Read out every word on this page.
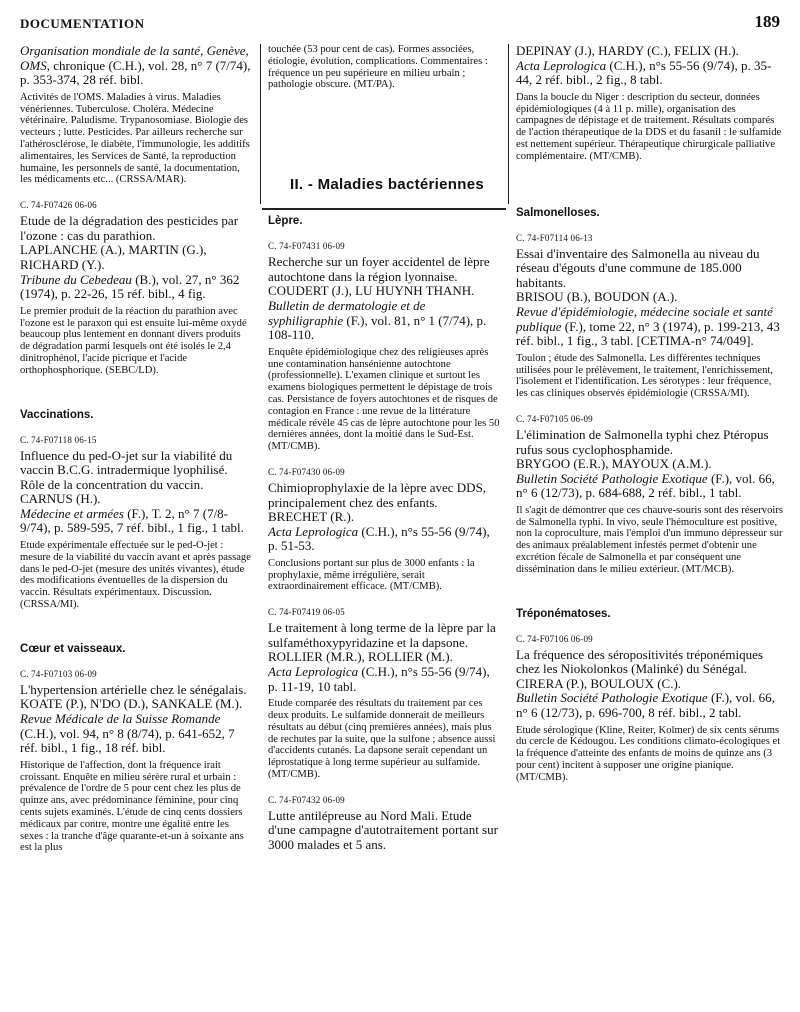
DOCUMENTATION	189
II. - Maladies bactériennes

Organisation mondiale de la santé, Genève, OMS, chronique (C.H.), vol. 28, n° 7 (7/74), p. 353-374, 28 réf. bibl.

Activités de l'OMS. Maladies à virus. Maladies vénériennes. Tuberculose. Choléra. Médecine vétérinaire. Paludisme. Trypanosomiase. Biologie des vecteurs ; lutte. Pesticides. Par ailleurs recherche sur l'athérosclérose, le diabète, l'immunologie, les additifs alimentaires, les Services de Santé, la reproduction humaine, les personnels de santé, la documentation, les médicaments etc... (CRSSA/MAR).

C. 74-F07426 06-06

Etude de la dégradation des pesticides par l'ozone : cas du parathion.

LAPLANCHE (A.), MARTIN (G.), RICHARD (Y.).

Tribune du Cebedeau (B.), vol. 27, n° 362 (1974), p. 22-26, 15 réf. bibl., 4 fig.

Le premier produit de la réaction du parathion avec l'ozone est le paraxon qui est ensuite lui-même oxydé beaucoup plus lentement en donnant divers produits de dégradation parmi lesquels ont été isolés le 2,4 dinitrophénol, l'acide picrique et l'acide orthophosphorique. (SEBC/LD).

Vaccinations.

C. 74-F07118 06-15

Influence du ped-O-jet sur la viabilité du vaccin B.C.G. intradermique lyophilisé. Rôle de la concentration du vaccin.

CARNUS (H.).

Médecine et armées (F.), T. 2, n° 7 (7/8-9/74), p. 589-595, 7 réf. bibl., 1 fig., 1 tabl.

Etude expérimentale effectuée sur le ped-O-jet : mesure de la viabilité du vaccin avant et après passage dans le ped-O-jet (mesure des unités vivantes), étude des modifications éventuelles de la dispersion du vaccin. Résultats expérimentaux. Discussion. (CRSSA/MI).

Cœur et vaisseaux.

C. 74-F07103 06-09

L'hypertension artérielle chez le sénégalais.

KOATE (P.), N'DO (D.), SANKALE (M.).

Revue Médicale de la Suisse Romande (C.H.), vol. 94, n° 8 (8/74), p. 641-652, 7 réf. bibl., 1 fig., 18 réf. bibl.

Historique de l'affection, dont la fréquence irait croissant. Enquête en milieu sérère rural et urbain : prévalence de l'ordre de 5 pour cent chez les plus de quinze ans, avec prédominance féminine, pour cinq cents sujets examinés. L'étude de cinq cents dossiers médicaux par contre, montre une égalité entre les sexes : la tranche d'âge quarante-et-un à soixante ans est la plus

touchée (53 pour cent de cas). Formes associées, étiologie, évolution, complications. Commentaires : fréquence un peu supérieure en milieu urbain ; pathologie obscure. (MT/PA).

Lèpre.

C. 74-F07431 06-09

Recherche sur un foyer accidentel de lèpre autochtone dans la région lyonnaise.

COUDERT (J.), LU HUYNH THANH.

Bulletin de dermatologie et de syphiligraphie (F.), vol. 81, n° 1 (7/74), p. 108-110.

Enquête épidémiologique chez des religieuses après une contamination hansénienne autochtone (professionnelle). L'examen clinique et surtout les examens biologiques permettent le dépistage de trois cas. Persistance de foyers autochtones et de risques de contagion en France : une revue de la littérature médicale révèle 45 cas de lèpre autochtone pour les 50 dernières années, dont la moitié dans le Sud-Est. (MT/CMB).

C. 74-F07430 06-09

Chimioprophylaxie de la lèpre avec DDS, principalement chez des enfants.

BRECHET (R.).

Acta Leprologica (C.H.), n°s 55-56 (9/74), p. 51-53.

Conclusions portant sur plus de 3000 enfants : la prophylaxie, même irrégulière, serait extraordinairement efficace. (MT/CMB).

C. 74-F07419 06-05

Le traitement à long terme de la lèpre par la sulfaméthoxypyridazine et la dapsone.

ROLLIER (M.R.), ROLLIER (M.).

Acta Leprologica (C.H.), n°s 55-56 (9/74), p. 11-19, 10 tabl.

Etude comparée des résultats du traitement par ces deux produits. Le sulfamide donnerait de meilleurs résultats au début (cinq premières années), mais plus de rechutes par la suite, que la sulfone ; absence aussi d'accidents cutanés. La dapsone serait cependant un léprostatique à long terme supérieur au sulfamide. (MT/CMB).

C. 74-F07432 06-09

Lutte antilépreuse au Nord Mali. Etude d'une campagne d'autotraitement portant sur 3000 malades et 5 ans.

DEPINAY (J.), HARDY (C.), FELIX (H.).

Acta Leprologica (C.H.), n°s 55-56 (9/74), p. 35-44, 2 réf. bibl., 2 fig., 8 tabl.

Dans la boucle du Niger : description du secteur, données épidémiologiques (4 à 11 p. mille), organisation des campagnes de dépistage et de traitement. Résultats comparés de l'action thérapeutique de la DDS et du fasanil : le sulfamide est nettement supérieur. Thérapeutique chirurgicale palliative complémentaire. (MT/CMB).

Salmonelloses.

C. 74-F07114 06-13

Essai d'inventaire des Salmonella au niveau du réseau d'égouts d'une commune de 185.000 habitants.

BRISOU (B.), BOUDON (A.).

Revue d'épidémiologie, médecine sociale et santé publique (F.), tome 22, n° 3 (1974), p. 199-213, 43 réf. bibl., 1 fig., 3 tabl. [CETIMA-n° 74/049].

Toulon ; étude des Salmonella. Les différentes techniques utilisées pour le prélèvement, le traitement, l'enrichissement, l'isolement et l'identification. Les sérotypes : leur fréquence, les cas cliniques observés épidémiologie (CRSSA/MI).

C. 74-F07105 06-09

L'élimination de Salmonella typhi chez Ptéropus rufus sous cyclophosphamide.

BRYGOO (E.R.), MAYOUX (A.M.).

Bulletin Société Pathologie Exotique (F.), vol. 66, n° 6 (12/73), p. 684-688, 2 réf. bibl., 1 tabl.

Il s'agit de démontrer que ces chauve-souris sont des réservoirs de Salmonella typhi. In vivo, seule l'hémoculture est positive, non la coproculture, mais l'emploi d'un immuno dépresseur sur des animaux préalablement infestés permet d'obtenir une excrétion fécale de Salmonella et par conséquent une dissémination dans le milieu extérieur. (MT/MCB).

Tréponématoses.

C. 74-F07106 06-09

La fréquence des séropositivités tréponémiques chez les Niokolonkos (Malinké) du Sénégal.

CIRERA (P.), BOULOUX (C.).

Bulletin Société Pathologie Exotique (F.), vol. 66, n° 6 (12/73), p. 696-700, 8 réf. bibl., 2 tabl.

Etude sérologique (Kline, Reiter, Kolmer) de six cents sérums du cercle de Kédougou. Les conditions climato-écologiques et la fréquence d'atteinte des enfants de moins de quinze ans (3 pour cent) incitent à supposer une origine pianique. (MT/CMB).
